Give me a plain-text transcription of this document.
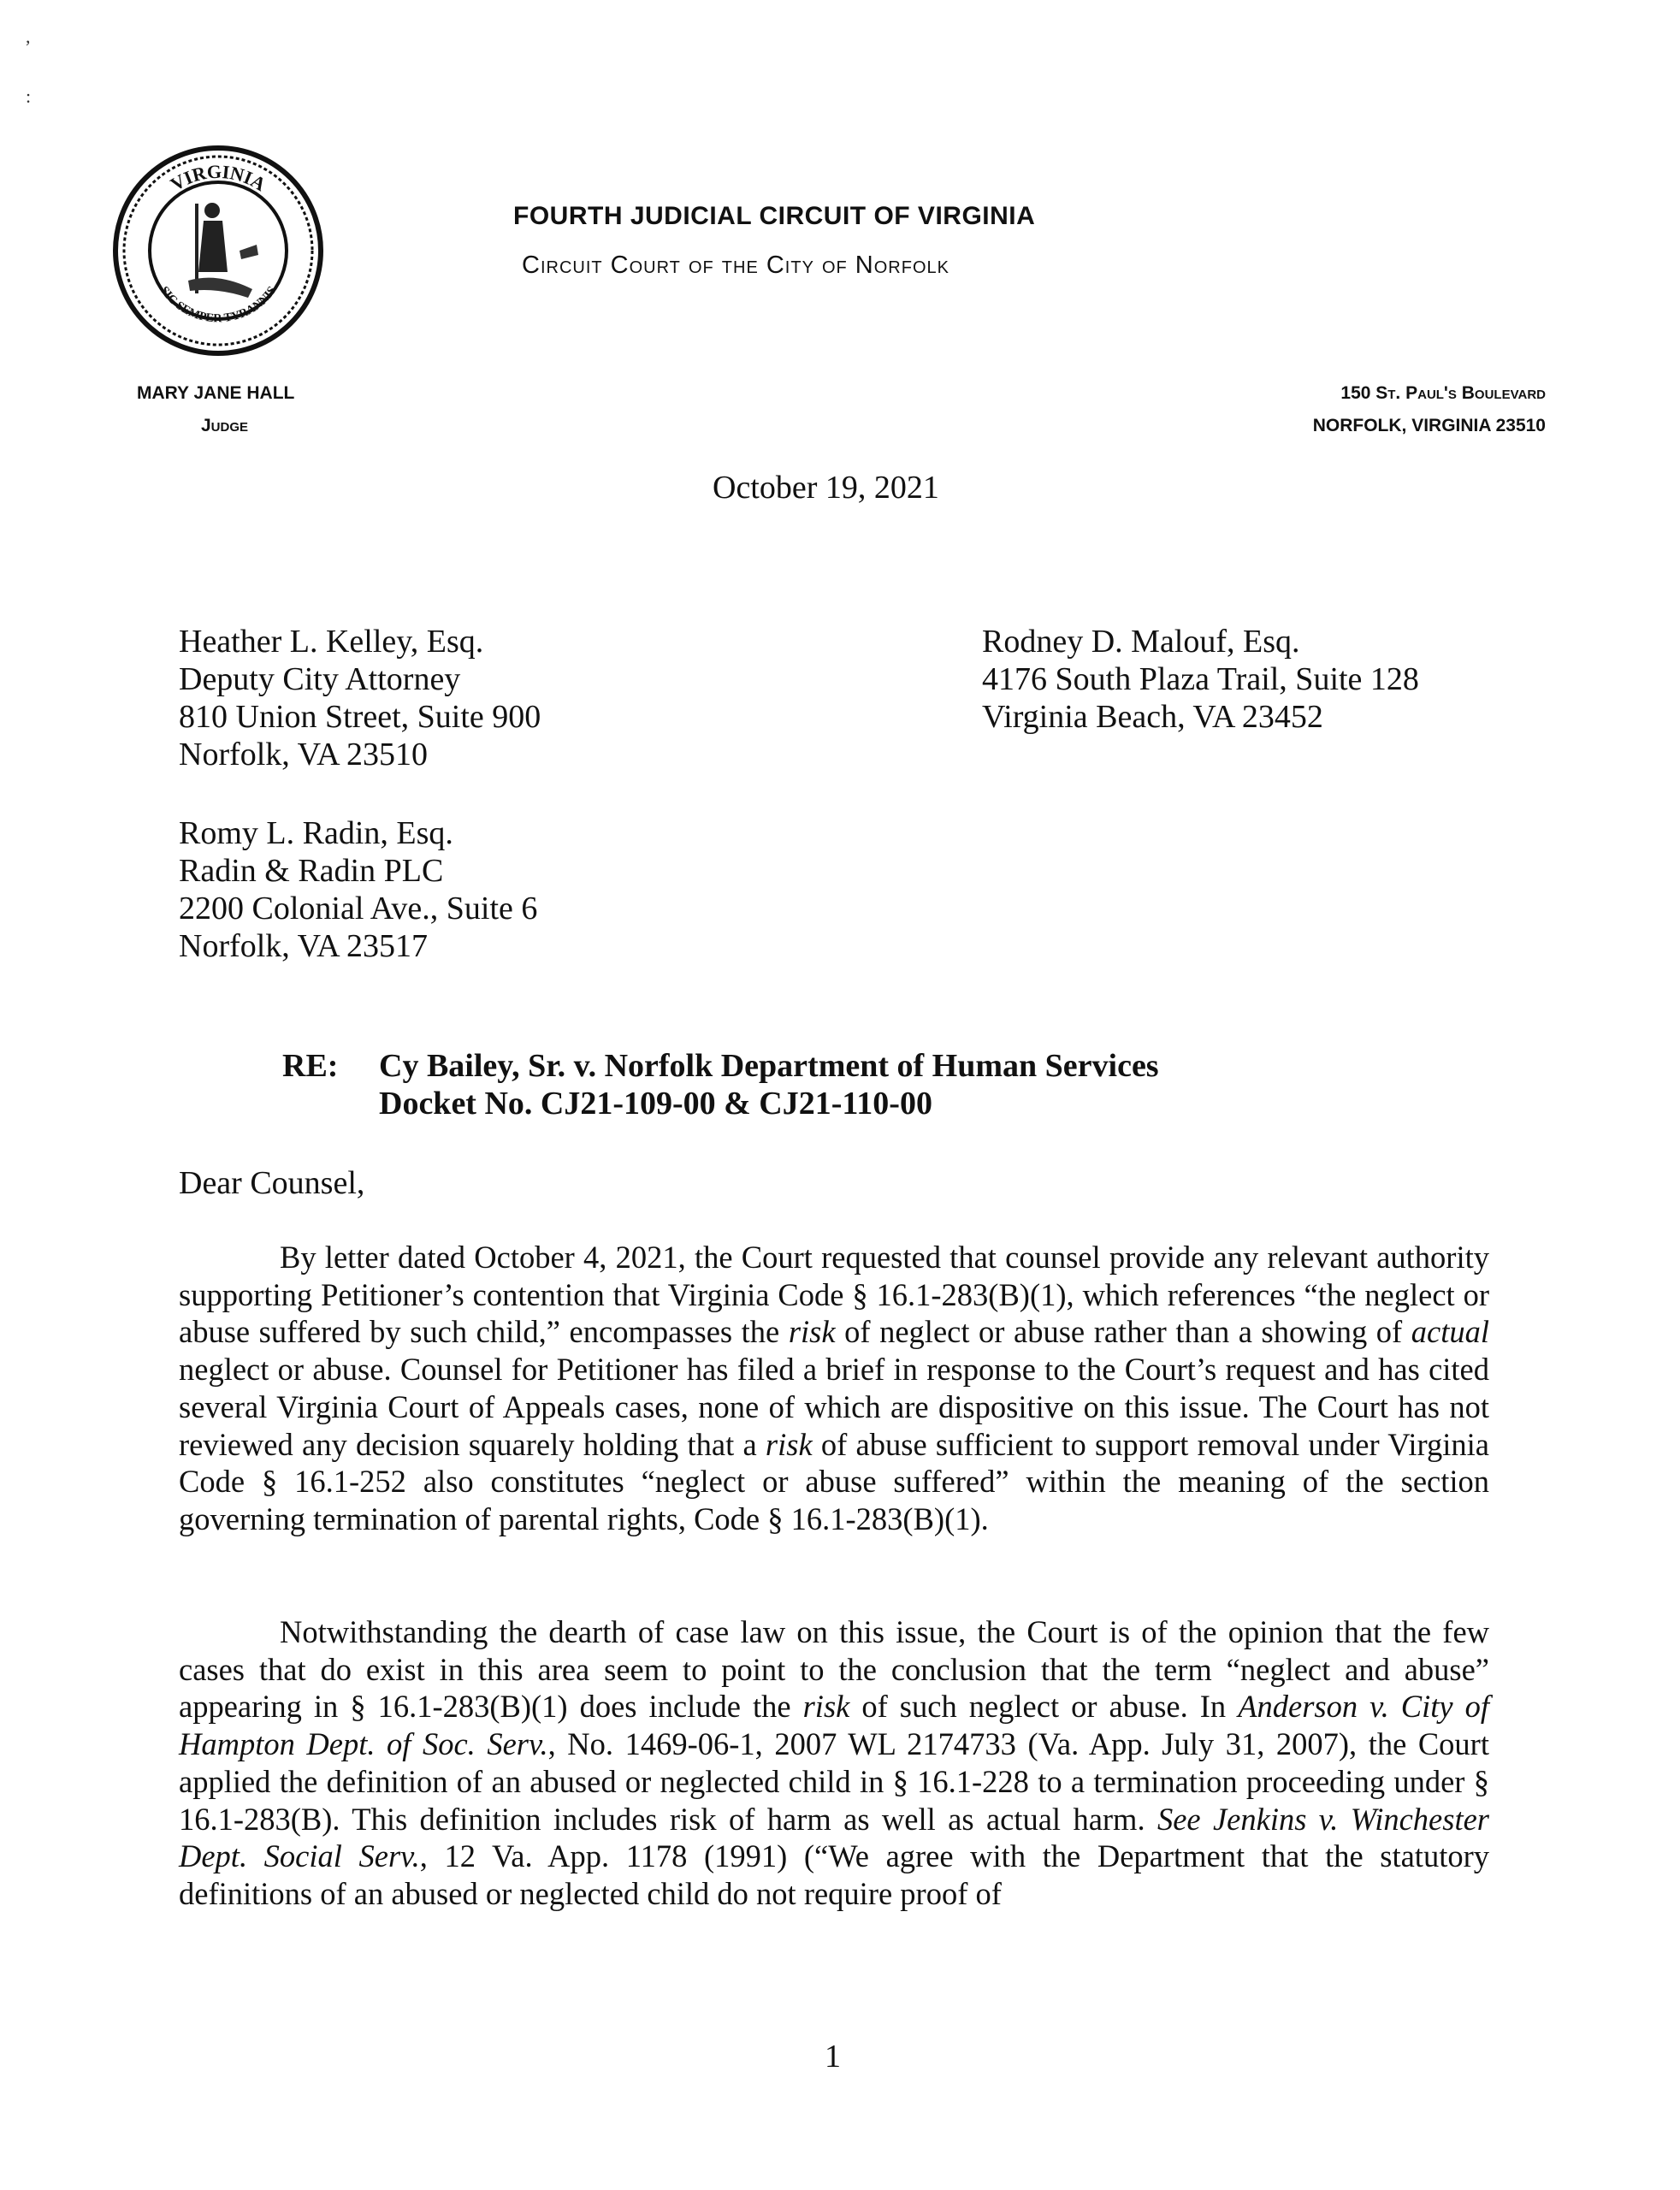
,
:
VIRGINIA
SIC SEMPER TYRANNIS
FOURTH JUDICIAL CIRCUIT OF VIRGINIA
Circuit Court of the City of Norfolk
MARY JANE HALL
Judge
150 St. Paul's Boulevard
NORFOLK, VIRGINIA 23510
October 19, 2021
Heather L. Kelley, Esq.
Deputy City Attorney
810 Union Street, Suite 900
Norfolk, VA 23510
Romy L. Radin, Esq.
Radin & Radin PLC
2200 Colonial Ave., Suite 6
Norfolk, VA 23517
Rodney D. Malouf, Esq.
4176 South Plaza Trail, Suite 128
Virginia Beach, VA 23452
RE: Cy Bailey, Sr. v. Norfolk Department of Human Services
Docket No. CJ21-109-00 & CJ21-110-00
Dear Counsel,

By letter dated October 4, 2021, the Court requested that counsel provide any relevant authority supporting Petitioner’s contention that Virginia Code § 16.1-283(B)(1), which references “the neglect or abuse suffered by such child,” encompasses the risk of neglect or abuse rather than a showing of actual neglect or abuse. Counsel for Petitioner has filed a brief in response to the Court’s request and has cited several Virginia Court of Appeals cases, none of which are dispositive on this issue. The Court has not reviewed any decision squarely holding that a risk of abuse sufficient to support removal under Virginia Code § 16.1-252 also constitutes “neglect or abuse suffered” within the meaning of the section governing termination of parental rights, Code § 16.1-283(B)(1).

Notwithstanding the dearth of case law on this issue, the Court is of the opinion that the few cases that do exist in this area seem to point to the conclusion that the term “neglect and abuse” appearing in § 16.1-283(B)(1) does include the risk of such neglect or abuse. In Anderson v. City of Hampton Dept. of Soc. Serv., No. 1469-06-1, 2007 WL 2174733 (Va. App. July 31, 2007), the Court applied the definition of an abused or neglected child in § 16.1-228 to a termination proceeding under § 16.1-283(B). This definition includes risk of harm as well as actual harm. See Jenkins v. Winchester Dept. Social Serv., 12 Va. App. 1178 (1991) (“We agree with the Department that the statutory definitions of an abused or neglected child do not require proof of

1
